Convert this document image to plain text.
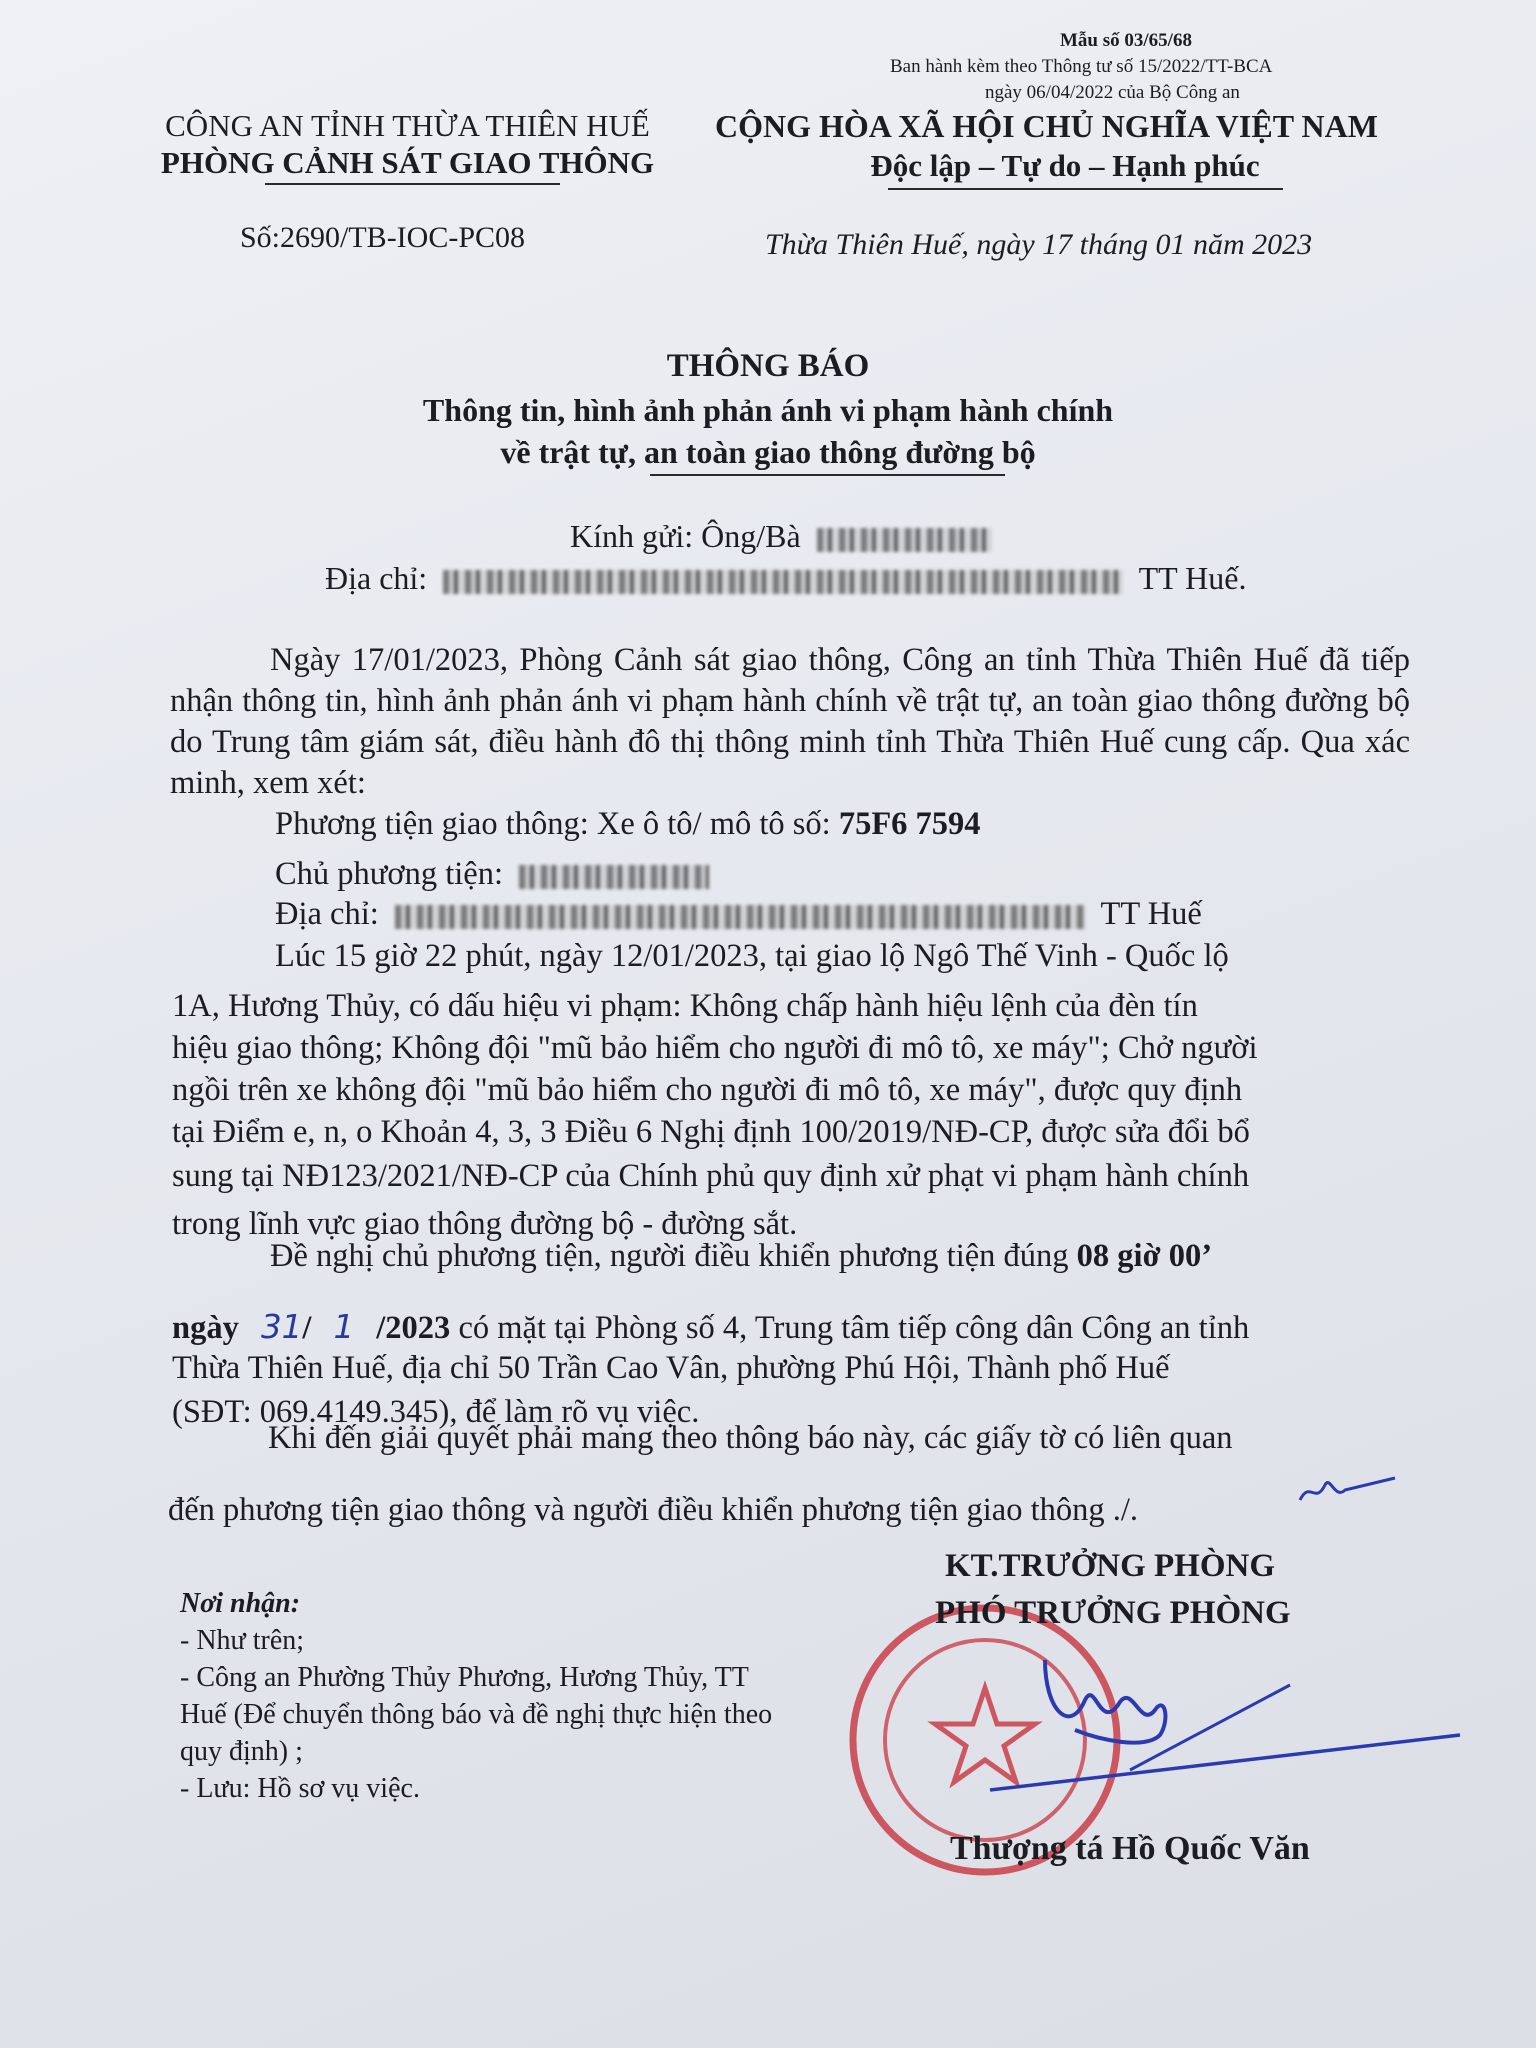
Mẫu số 03/65/68
Ban hành kèm theo Thông tư số 15/2022/TT-BCA
ngày 06/04/2022 của Bộ Công an
CÔNG AN TỈNH THỪA THIÊN HUẾ
PHÒNG CẢNH SÁT GIAO THÔNG
CỘNG HÒA XÃ HỘI CHỦ NGHĨA VIỆT NAM
Độc lập – Tự do – Hạnh phúc
Số:2690/TB-IOC-PC08	Thừa Thiên Huế, ngày 17 tháng 01 năm 2023
THÔNG BÁO
Thông tin, hình ảnh phản ánh vi phạm hành chính
về trật tự, an toàn giao thông đường bộ
Kính gửi: Ông/Bà
Địa chỉ:	TT Huế.
Ngày 17/01/2023, Phòng Cảnh sát giao thông, Công an tỉnh Thừa Thiên Huế đã tiếp nhận thông tin, hình ảnh phản ánh vi phạm hành chính về trật tự, an toàn giao thông đường bộ do Trung tâm giám sát, điều hành đô thị thông minh tỉnh Thừa Thiên Huế cung cấp. Qua xác minh, xem xét:
Phương tiện giao thông: Xe ô tô/ mô tô số: 75F6 7594
Chủ phương tiện:
Địa chỉ:	TT Huế
Lúc 15 giờ 22 phút, ngày 12/01/2023, tại giao lộ Ngô Thế Vinh - Quốc lộ
1A, Hương Thủy, có dấu hiệu vi phạm: Không chấp hành hiệu lệnh của đèn tín
hiệu giao thông; Không đội "mũ bảo hiểm cho người đi mô tô, xe máy"; Chở người
ngồi trên xe không đội "mũ bảo hiểm cho người đi mô tô, xe máy", được quy định
tại Điểm e, n, o Khoản 4, 3, 3 Điều 6 Nghị định 100/2019/NĐ-CP, được sửa đổi bổ
sung tại NĐ123/2021/NĐ-CP của Chính phủ quy định xử phạt vi phạm hành chính
trong lĩnh vực giao thông đường bộ - đường sắt.
Đề nghị chủ phương tiện, người điều khiển phương tiện đúng 08 giờ 00’
ngày 31/ 1 /2023 có mặt tại Phòng số 4, Trung tâm tiếp công dân Công an tỉnh
Thừa Thiên Huế, địa chỉ 50 Trần Cao Vân, phường Phú Hội, Thành phố Huế
(SĐT: 069.4149.345), để làm rõ vụ việc.
Khi đến giải quyết phải mang theo thông báo này, các giấy tờ có liên quan
đến phương tiện giao thông và người điều khiển phương tiện giao thông ./.
Nơi nhận:
- Như trên;
- Công an Phường Thủy Phương, Hương Thủy, TT Huế (Để chuyển thông báo và đề nghị thực hiện theo quy định) ;
- Lưu: Hồ sơ vụ việc.
KT.TRƯỞNG PHÒNG
PHÓ TRƯỞNG PHÒNG
Thượng tá Hồ Quốc Văn
